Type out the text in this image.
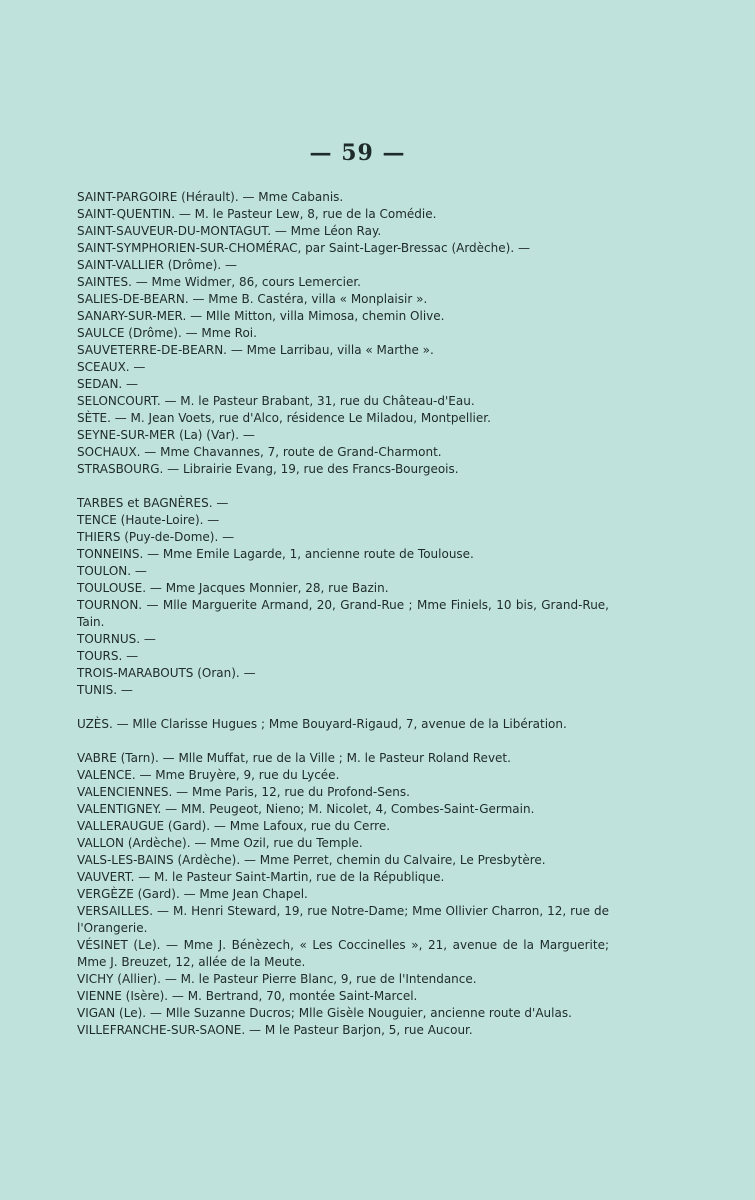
— 59 —
SAINT-PARGOIRE (Hérault). — Mme Cabanis.
SAINT-QUENTIN. — M. le Pasteur Lew, 8, rue de la Comédie.
SAINT-SAUVEUR-DU-MONTAGUT. — Mme Léon Ray.
SAINT-SYMPHORIEN-SUR-CHOMÉRAC, par Saint-Lager-Bressac (Ardèche). —
SAINT-VALLIER (Drôme). —
SAINTES. — Mme Widmer, 86, cours Lemercier.
SALIES-DE-BEARN. — Mme B. Castéra, villa « Monplaisir ».
SANARY-SUR-MER. — Mlle Mitton, villa Mimosa, chemin Olive.
SAULCE (Drôme). — Mme Roi.
SAUVETERRE-DE-BEARN. — Mme Larribau, villa « Marthe ».
SCEAUX. —
SEDAN. —
SELONCOURT. — M. le Pasteur Brabant, 31, rue du Château-d'Eau.
SÈTE. — M. Jean Voets, rue d'Alco, résidence Le Miladou, Montpellier.
SEYNE-SUR-MER (La) (Var). —
SOCHAUX. — Mme Chavannes, 7, route de Grand-Charmont.
STRASBOURG. — Librairie Evang, 19, rue des Francs-Bourgeois.
TARBES et BAGNÈRES. —
TENCE (Haute-Loire). —
THIERS (Puy-de-Dome). —
TONNEINS. — Mme Emile Lagarde, 1, ancienne route de Toulouse.
TOULON. —
TOULOUSE. — Mme Jacques Monnier, 28, rue Bazin.
TOURNON. — Mlle Marguerite Armand, 20, Grand-Rue ; Mme Finiels, 10 bis, Grand-Rue, Tain.
TOURNUS. —
TOURS. —
TROIS-MARABOUTS (Oran). —
TUNIS. —
UZÈS. — Mlle Clarisse Hugues ; Mme Bouyard-Rigaud, 7, avenue de la Libération.
VABRE (Tarn). — Mlle Muffat, rue de la Ville ; M. le Pasteur Roland Revet.
VALENCE. — Mme Bruyère, 9, rue du Lycée.
VALENCIENNES. — Mme Paris, 12, rue du Profond-Sens.
VALENTIGNEY. — MM. Peugeot, Nieno; M. Nicolet, 4, Combes-Saint-Germain.
VALLERAUGUE (Gard). — Mme Lafoux, rue du Cerre.
VALLON (Ardèche). — Mme Ozil, rue du Temple.
VALS-LES-BAINS (Ardèche). — Mme Perret, chemin du Calvaire, Le Presbytère.
VAUVERT. — M. le Pasteur Saint-Martin, rue de la République.
VERGÈZE (Gard). — Mme Jean Chapel.
VERSAILLES. — M. Henri Steward, 19, rue Notre-Dame; Mme Ollivier Charron, 12, rue de l'Orangerie.
VÉSINET (Le). — Mme J. Bénèzech, « Les Coccinelles », 21, avenue de la Marguerite; Mme J. Breuzet, 12, allée de la Meute.
VICHY (Allier). — M. le Pasteur Pierre Blanc, 9, rue de l'Intendance.
VIENNE (Isère). — M. Bertrand, 70, montée Saint-Marcel.
VIGAN (Le). — Mlle Suzanne Ducros; Mlle Gisèle Nouguier, ancienne route d'Aulas.
VILLEFRANCHE-SUR-SAONE. — M le Pasteur Barjon, 5, rue Aucour.
